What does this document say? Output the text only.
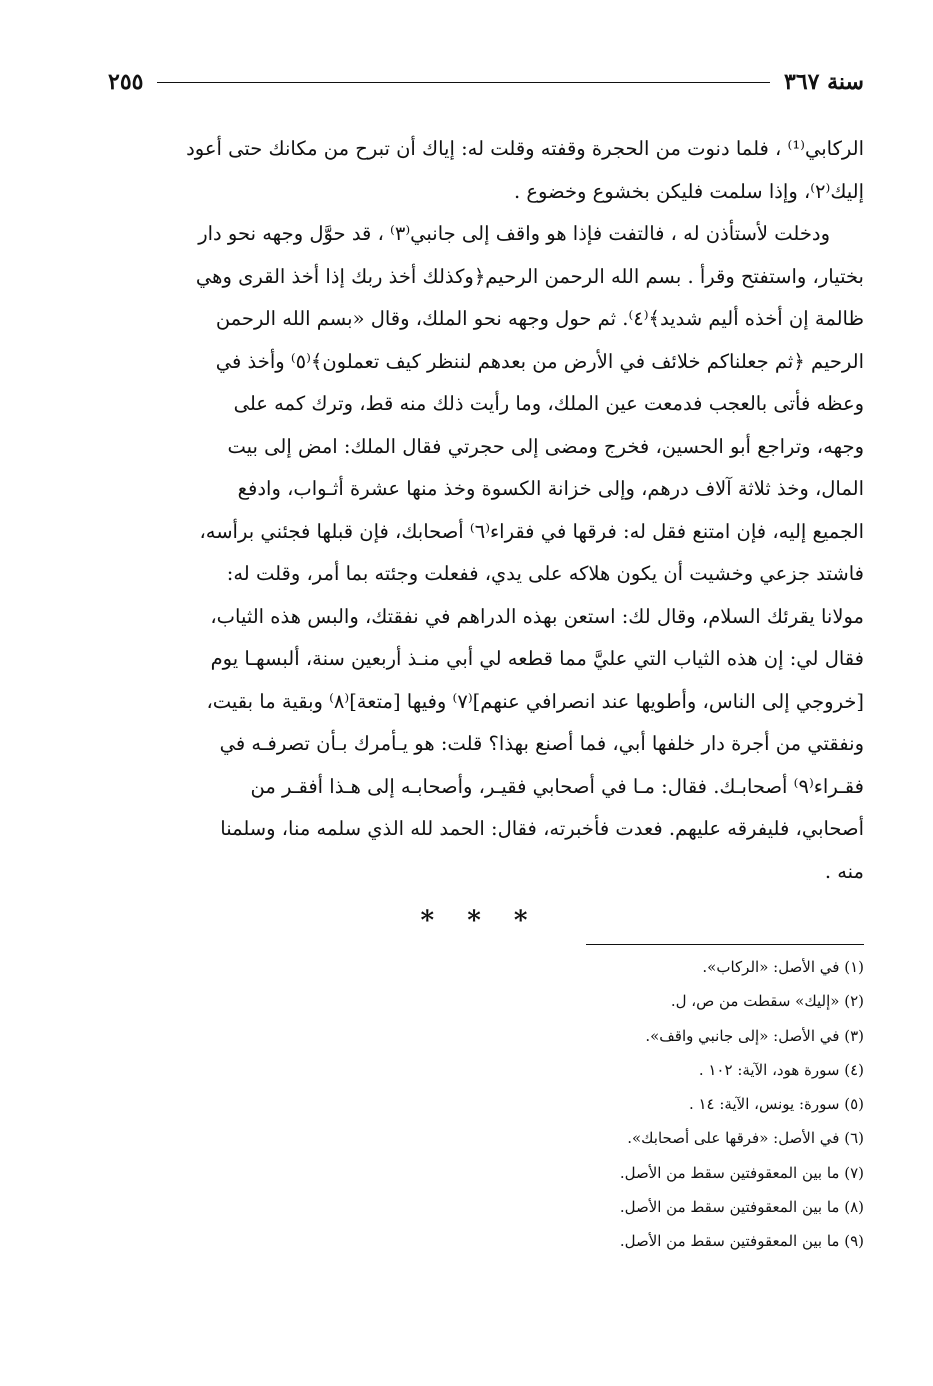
سنة ٣٦٧
٢٥٥
الركابي⁽¹⁾ ، فلما دنوت من الحجرة وقفته وقلت له: إياك أن تبرح من مكانك حتى أعود
إليك⁽٢⁾، وإذا سلمت فليكن بخشوع وخضوع .
ودخلت لأستأذن له ، فالتفت فإذا هو واقف إلى جانبي⁽٣⁾ ، قد حوَّل وجهه نحو دار
بختيار، واستفتح وقرأ . بسم الله الرحمن الرحيم﴿وكذلك أخذ ربك إذا أخذ القرى وهي
ظالمة إن أخذه أليم شديد﴾⁽٤⁾. ثم حول وجهه نحو الملك، وقال «بسم الله الرحمن
الرحيم ﴿ثم جعلناكم خلائف في الأرض من بعدهم لننظر كيف تعملون﴾⁽٥⁾ وأخذ في
وعظه فأتى بالعجب فدمعت عين الملك، وما رأيت ذلك منه قط، وترك كمه على
وجهه، وتراجع أبو الحسين، فخرج ومضى إلى حجرتي فقال الملك: امض إلى بيت
المال، وخذ ثلاثة آلاف درهم، وإلى خزانة الكسوة وخذ منها عشرة أثـواب، وادفع
الجميع إليه، فإن امتنع فقل له: فرقها في فقراء⁽٦⁾ أصحابك، فإن قبلها فجئني برأسه،
فاشتد جزعي وخشيت أن يكون هلاكه على يدي، ففعلت وجئته بما أمر، وقلت له:
مولانا يقرئك السلام، وقال لك: استعن بهذه الدراهم في نفقتك، والبس هذه الثياب،
فقال لي: إن هذه الثياب التي عليَّ مما قطعه لي أبي منـذ أربعين سنة، ألبسهـا يوم
[خروجي إلى الناس، وأطويها عند انصرافي عنهم]⁽٧⁾ وفيها [متعة]⁽٨⁾ وبقية ما بقيت،
ونفقتي من أجرة دار خلفها أبي، فما أصنع بهذا؟ قلت: هو يـأمرك بـأن تصرفـه في
فقـراء⁽٩⁾ أصحابـك. فقال: مـا في أصحابي فقيـر، وأصحابـه إلى هـذا أفقـر من
أصحابي، فليفرقه عليهم. فعدت فأخبرته، فقال: الحمد لله الذي سلمه منا، وسلمنا
منه .
* * *
(١) في الأصل: «الركاب».
(٢) «إليك» سقطت من ص، ل.
(٣) في الأصل: «إلى جانبي واقف».
(٤) سورة هود، الآية: ١٠٢ .
(٥) سورة: يونس، الآية: ١٤ .
(٦) في الأصل: «فرقها على أصحابك».
(٧) ما بين المعقوفتين سقط من الأصل.
(٨) ما بين المعقوفتين سقط من الأصل.
(٩) ما بين المعقوفتين سقط من الأصل.
